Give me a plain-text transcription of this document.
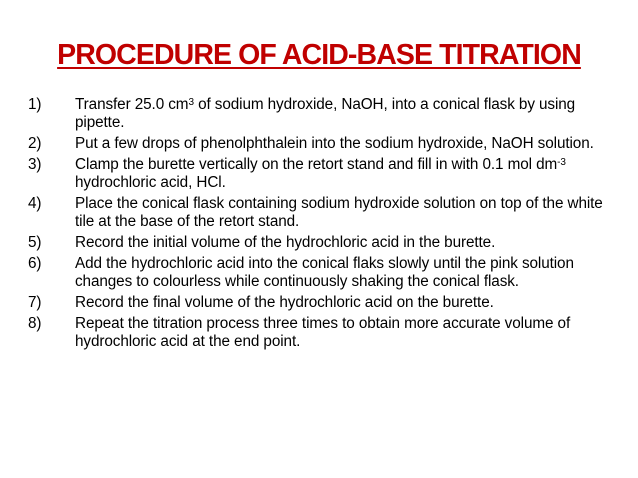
PROCEDURE OF ACID-BASE TITRATION
1)	Transfer 25.0 $cm^3$ of sodium hydroxide, NaOH, into a conical flask by using pipette.
2)	Put a few drops of phenolphthalein into the sodium hydroxide, NaOH solution.
3)	Clamp the burette vertically on the retort stand and fill in with 0.1 mol $dm^{-3}$ hydrochloric acid, HCl.
4)	Place the conical flask containing sodium hydroxide solution on top of the white tile at the base of the retort stand.
5)	Record the initial volume of the hydrochloric acid in the burette.
6)	Add the hydrochloric acid into the conical flaks slowly until the pink solution changes to colourless while continuously shaking the conical flask.
7)	Record the final volume of the hydrochloric acid on the burette.
8)	Repeat the titration process three times to obtain more accurate volume of hydrochloric acid at the end point.
